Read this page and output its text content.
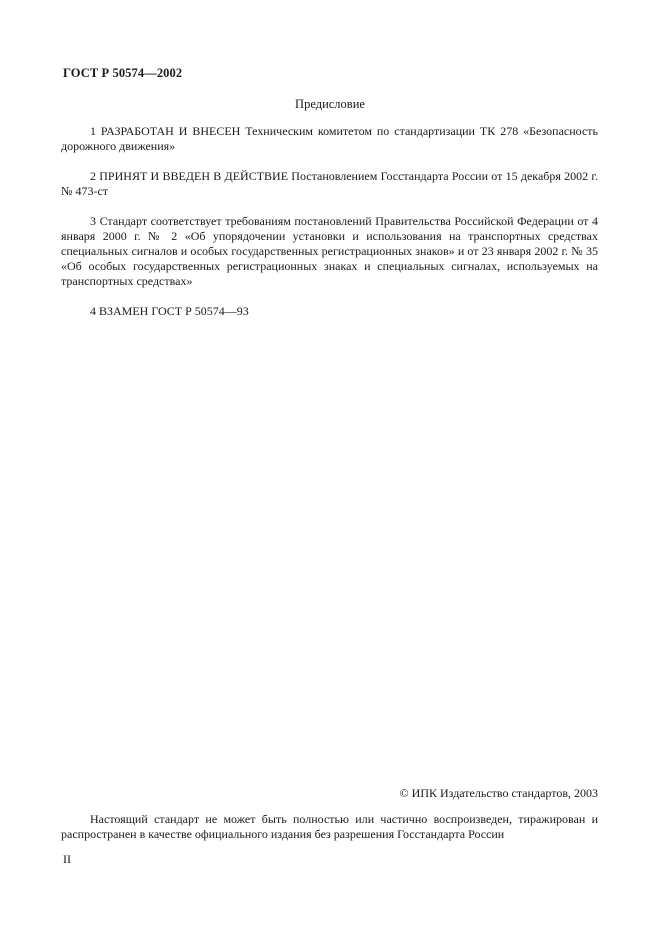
ГОСТ Р 50574—2002
Предисловие

1 РАЗРАБОТАН И ВНЕСЕН Техническим комитетом по стандартизации ТК 278 «Безопасность дорожного движения»

2 ПРИНЯТ И ВВЕДЕН В ДЕЙСТВИЕ Постановлением Госстандарта России от 15 декабря 2002 г. № 473-ст

3 Стандарт соответствует требованиям постановлений Правительства Российской Федерации от 4 января 2000 г. № 2 «Об упорядочении установки и использования на транспортных средствах специальных сигналов и особых государственных регистрационных знаков» и от 23 января 2002 г. № 35 «Об особых государственных регистрационных знаках и специальных сигналах, используемых на транспортных средствах»

4 ВЗАМЕН ГОСТ Р 50574—93

© ИПК Издательство стандартов, 2003

Настоящий стандарт не может быть полностью или частично воспроизведен, тиражирован и распространен в качестве официального издания без разрешения Госстандарта России

II
